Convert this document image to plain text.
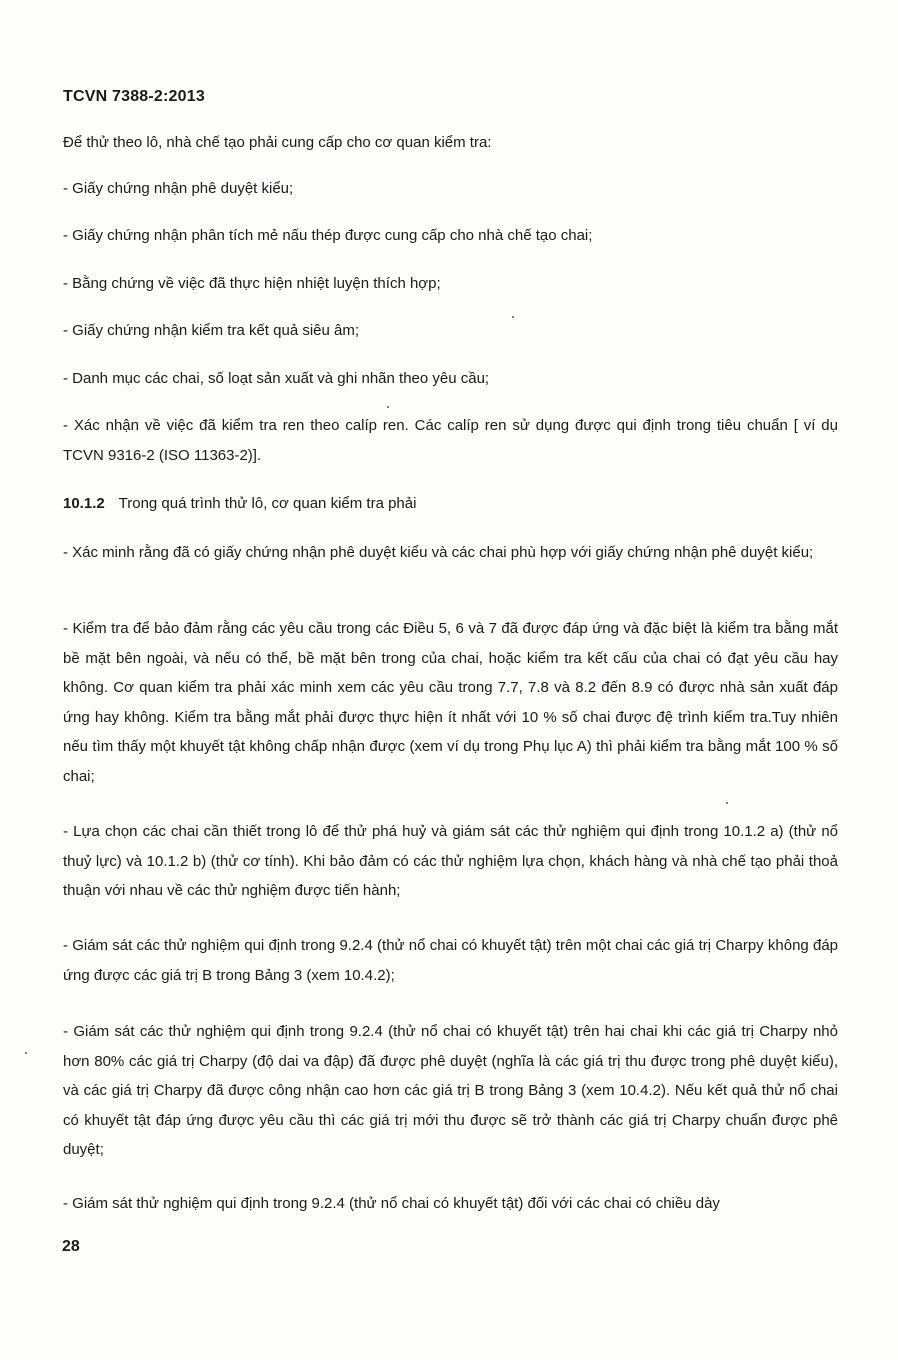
TCVN 7388-2:2013
Để thử theo lô, nhà chế tạo phải cung cấp cho cơ quan kiểm tra:
- Giấy chứng nhận phê duyệt kiểu;
- Giấy chứng nhận phân tích mẻ nấu thép được cung cấp cho nhà chế tạo chai;
- Bằng chứng về việc đã thực hiện nhiệt luyện thích hợp;
- Giấy chứng nhận kiểm tra kết quả siêu âm;
- Danh mục các chai, số loạt sản xuất và ghi nhãn theo yêu cầu;
- Xác nhận về việc đã kiểm tra ren theo calíp ren. Các calíp ren sử dụng được qui định trong tiêu chuẩn [ ví dụ TCVN 9316-2 (ISO 11363-2)].
10.1.2 Trong quá trình thử lô, cơ quan kiểm tra phải
- Xác minh rằng đã có giấy chứng nhận phê duyệt kiểu và các chai phù hợp với giấy chứng nhận phê duyệt kiểu;
- Kiểm tra để bảo đảm rằng các yêu cầu trong các Điều 5, 6 và 7 đã được đáp ứng và đặc biệt là kiểm tra bằng mắt bề mặt bên ngoài, và nếu có thể, bề mặt bên trong của chai, hoặc kiểm tra kết cấu của chai có đạt yêu cầu hay không. Cơ quan kiểm tra phải xác minh xem các yêu cầu trong 7.7, 7.8 và 8.2 đến 8.9 có được nhà sản xuất đáp ứng hay không. Kiểm tra bằng mắt phải được thực hiện ít nhất với 10 % số chai được đệ trình kiểm tra.Tuy nhiên nếu tìm thấy một khuyết tật không chấp nhận được (xem ví dụ trong Phụ lục A) thì phải kiểm tra bằng mắt 100 % số chai;
- Lựa chọn các chai cần thiết trong lô để thử phá huỷ và giám sát các thử nghiệm qui định trong 10.1.2 a) (thử nổ thuỷ lực) và 10.1.2 b) (thử cơ tính). Khi bảo đảm có các thử nghiệm lựa chọn, khách hàng và nhà chế tạo phải thoả thuận với nhau về các thử nghiệm được tiến hành;
- Giám sát các thử nghiệm qui định trong 9.2.4 (thử nổ chai có khuyết tật) trên một chai các giá trị Charpy không đáp ứng được các giá trị B trong Bảng 3 (xem 10.4.2);
- Giám sát các thử nghiệm qui định trong 9.2.4 (thử nổ chai có khuyết tật) trên hai chai khi các giá trị Charpy nhỏ hơn 80% các giá trị Charpy (độ dai va đập) đã được phê duyệt (nghĩa là các giá trị thu được trong phê duyệt kiểu), và các giá trị Charpy đã được công nhận cao hơn các giá trị B trong Bảng 3 (xem 10.4.2). Nếu kết quả thử nổ chai có khuyết tật đáp ứng được yêu cầu thì các giá trị mới thu được sẽ trở thành các giá trị Charpy chuẩn được phê duyệt;
- Giám sát thử nghiệm qui định trong 9.2.4 (thử nổ chai có khuyết tật) đối với các chai có chiều dày
28
